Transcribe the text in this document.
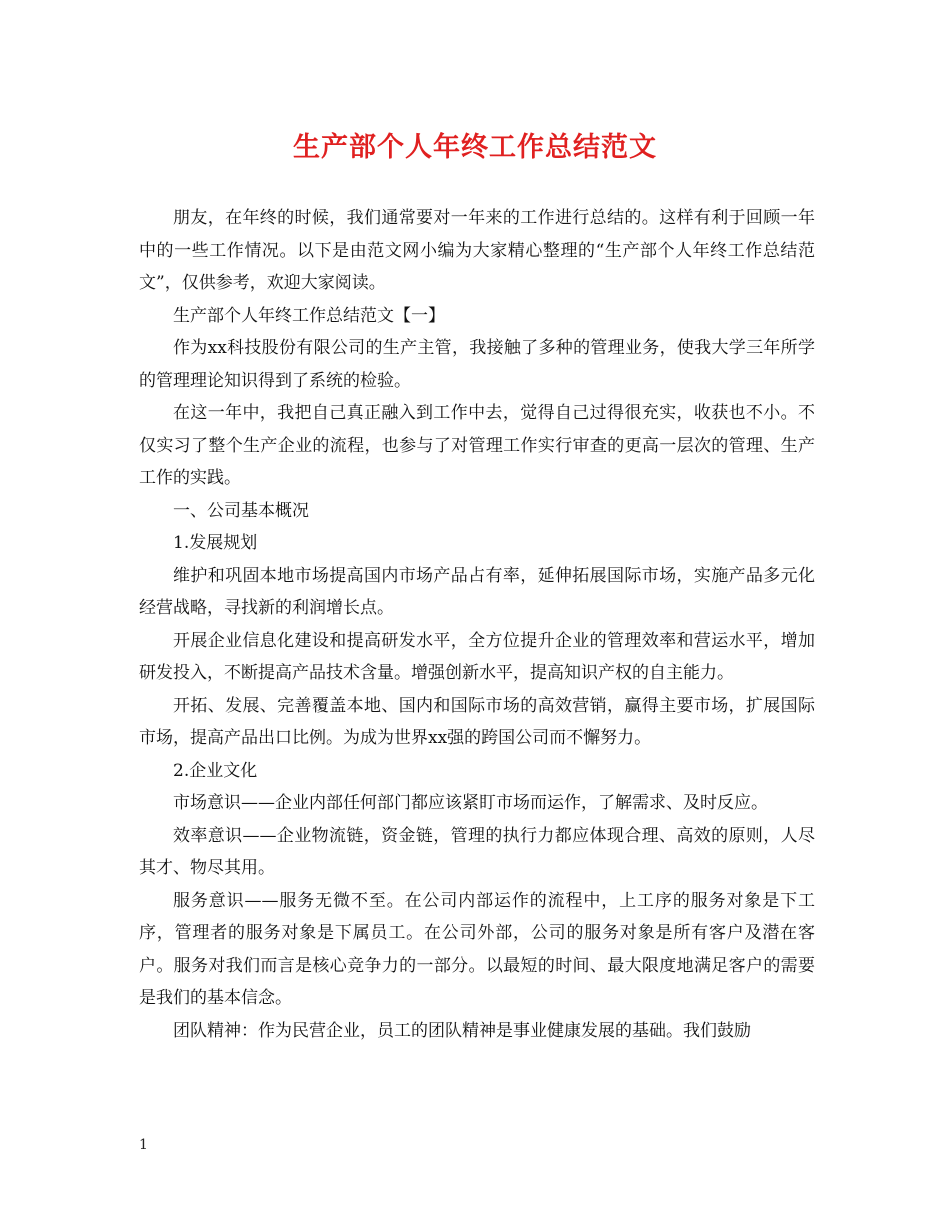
生产部个人年终工作总结范文

朋友，在年终的时候，我们通常要对一年来的工作进行总结的。这样有利于回顾一年中的一些工作情况。以下是由范文网小编为大家精心整理的“生产部个人年终工作总结范文”，仅供参考，欢迎大家阅读。

生产部个人年终工作总结范文【一】

作为xx科技股份有限公司的生产主管，我接触了多种的管理业务，使我大学三年所学的管理理论知识得到了系统的检验。

在这一年中，我把自己真正融入到工作中去，觉得自己过得很充实，收获也不小。不仅实习了整个生产企业的流程，也参与了对管理工作实行审查的更高一层次的管理、生产工作的实践。

一、公司基本概况

1.发展规划

维护和巩固本地市场提高国内市场产品占有率，延伸拓展国际市场，实施产品多元化经营战略，寻找新的利润增长点。

开展企业信息化建设和提高研发水平，全方位提升企业的管理效率和营运水平，增加研发投入，不断提高产品技术含量。增强创新水平，提高知识产权的自主能力。

开拓、发展、完善覆盖本地、国内和国际市场的高效营销，赢得主要市场，扩展国际市场，提高产品出口比例。为成为世界xx强的跨国公司而不懈努力。

2.企业文化

市场意识——企业内部任何部门都应该紧盯市场而运作，了解需求、及时反应。

效率意识——企业物流链，资金链，管理的执行力都应体现合理、高效的原则，人尽其才、物尽其用。

服务意识——服务无微不至。在公司内部运作的流程中，上工序的服务对象是下工序，管理者的服务对象是下属员工。在公司外部，公司的服务对象是所有客户及潜在客户。服务对我们而言是核心竞争力的一部分。以最短的时间、最大限度地满足客户的需要是我们的基本信念。

团队精神：作为民营企业，员工的团队精神是事业健康发展的基础。我们鼓励

1
